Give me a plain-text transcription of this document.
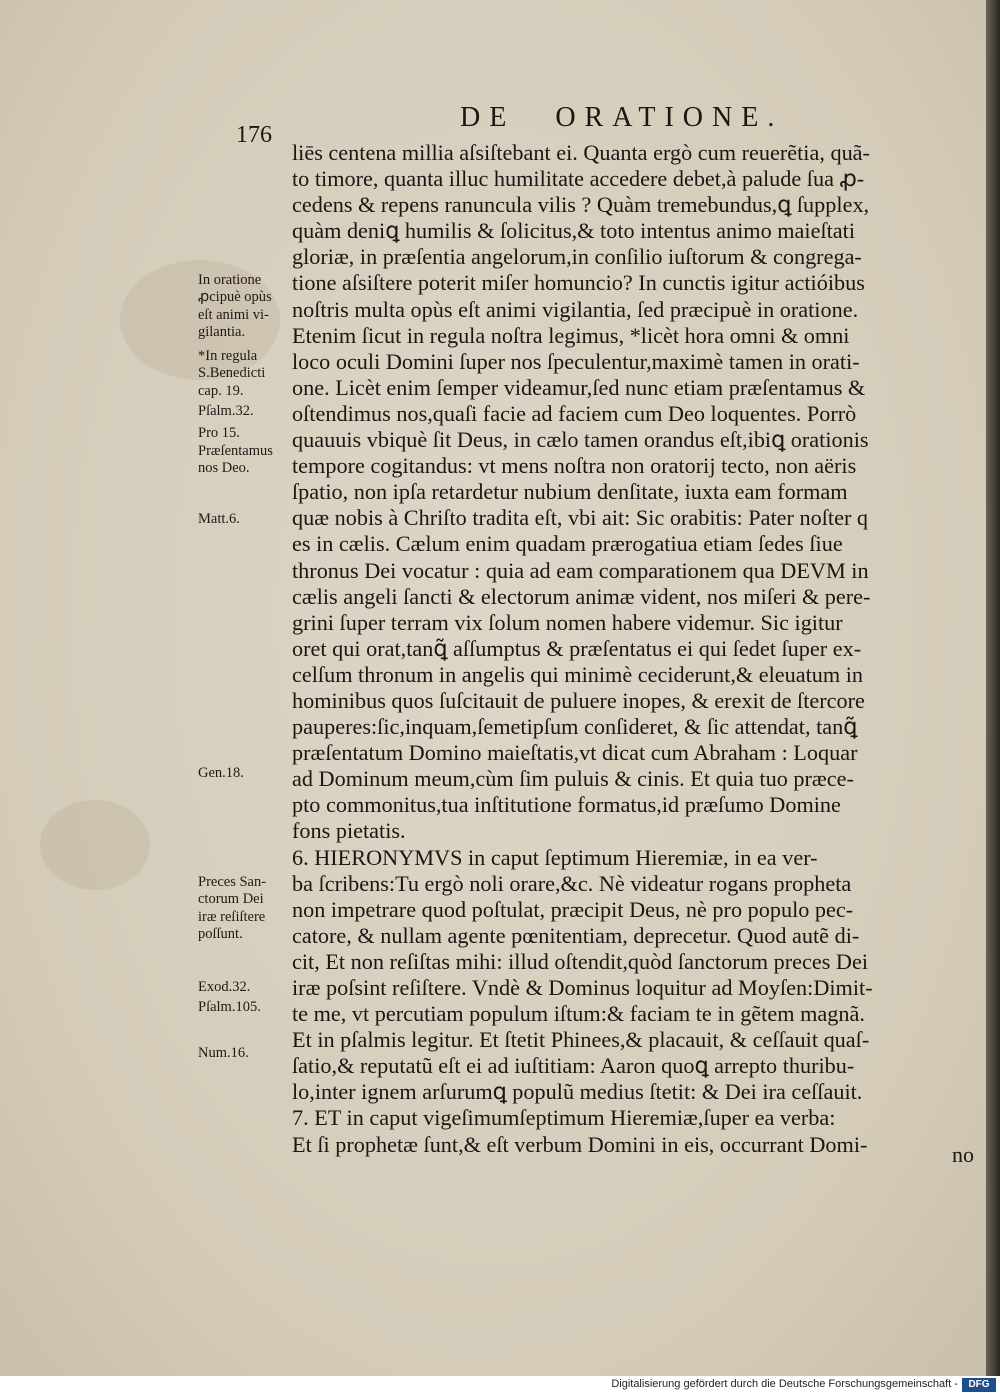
176
DE ORATIONE.
liēs centena millia aſsiſtebant ei. Quanta ergò cum reuerẽtia, quã-
to timore, quanta illuc humilitate accedere debet,à palude ſua ꝓ-
cedens & repens ranuncula vilis ? Quàm tremebundus,ꝗ ſupplex,
quàm deniꝗ humilis & ſolicitus,& toto intentus animo maieſtati
gloriæ, in præſentia angelorum,in conſilio iuſtorum & congrega-
tione aſsiſtere poterit miſer homuncio? In cunctis igitur actióibus
noſtris multa opùs eſt animi vigilantia, ſed præcipuè in oratione.
Etenim ſicut in regula noſtra legimus, *licèt hora omni & omni
loco oculi Domini ſuper nos ſpeculentur,maximè tamen in orati-
one. Licèt enim ſemper videamur,ſed nunc etiam præſentamus &
oſtendimus nos,quaſi facie ad faciem cum Deo loquentes. Porrò
quauuis vbiquè ſit Deus, in cælo tamen orandus eſt,ibiꝗ orationis
tempore cogitandus: vt mens noſtra non oratorij tecto, non aëris
ſpatio, non ipſa retardetur nubium denſitate, iuxta eam formam
quæ nobis à Chriſto tradita eſt, vbi ait: Sic orabitis: Pater noſter q
es in cælis. Cælum enim quadam prærogatiua etiam ſedes ſiue
thronus Dei vocatur : quia ad eam comparationem qua DEVM in
cælis angeli ſancti & electorum animæ vident, nos miſeri & pere-
grini ſuper terram vix ſolum nomen habere videmur. Sic igitur
oret qui orat,tanꝗ̃ aſſumptus & præſentatus ei qui ſedet ſuper ex-
celſum thronum in angelis qui minimè ceciderunt,& eleuatum in
hominibus quos ſuſcitauit de puluere inopes, & erexit de ſtercore
pauperes:ſic,inquam,ſemetipſum conſideret, & ſic attendat, tanꝗ̃
præſentatum Domino maieſtatis,vt dicat cum Abraham : Loquar
ad Dominum meum,cùm ſim puluis & cinis. Et quia tuo præce-
pto commonitus,tua inſtitutione formatus,id præſumo Domine
fons pietatis.
6. HIERONYMVS in caput ſeptimum Hieremiæ, in ea ver-
ba ſcribens:Tu ergò noli orare,&c. Nè videatur rogans propheta
non impetrare quod poſtulat, præcipit Deus, nè pro populo pec-
catore, & nullam agente pœnitentiam, deprecetur. Quod autẽ di-
cit, Et non reſiſtas mihi: illud oſtendit,quòd ſanctorum preces Dei
iræ poſsint reſiſtere. Vndè & Dominus loquitur ad Moyſen:Dimit-
te me, vt percutiam populum iſtum:& faciam te in gẽtem magnã.
Et in pſalmis legitur. Et ſtetit Phinees,& placauit, & ceſſauit quaſ-
ſatio,& reputatũ eſt ei ad iuſtitiam: Aaron quoꝗ arrepto thuribu-
lo,inter ignem arſurumꝗ populũ medius ſtetit: & Dei ira ceſſauit.
7. ET in caput vigeſimumſeptimum Hieremiæ,ſuper ea verba:
Et ſi prophetæ ſunt,& eſt verbum Domini in eis, occurrant Domi-
In oratione
ꝓcipuè opùs
eſt animi vi-
gilantia.
*In regula
S.Benedicti
cap. 19.
Pſalm.32.
Pro 15.
Præſentamus
nos Deo.
Matt.6.
Gen.18.
Preces San-
ctorum Dei
iræ reſiſtere
poſſunt.
Exod.32.
Pſalm.105.
Num.16.
no
Digitalisierung gefördert durch die Deutsche Forschungsgemeinschaft -	DFG
